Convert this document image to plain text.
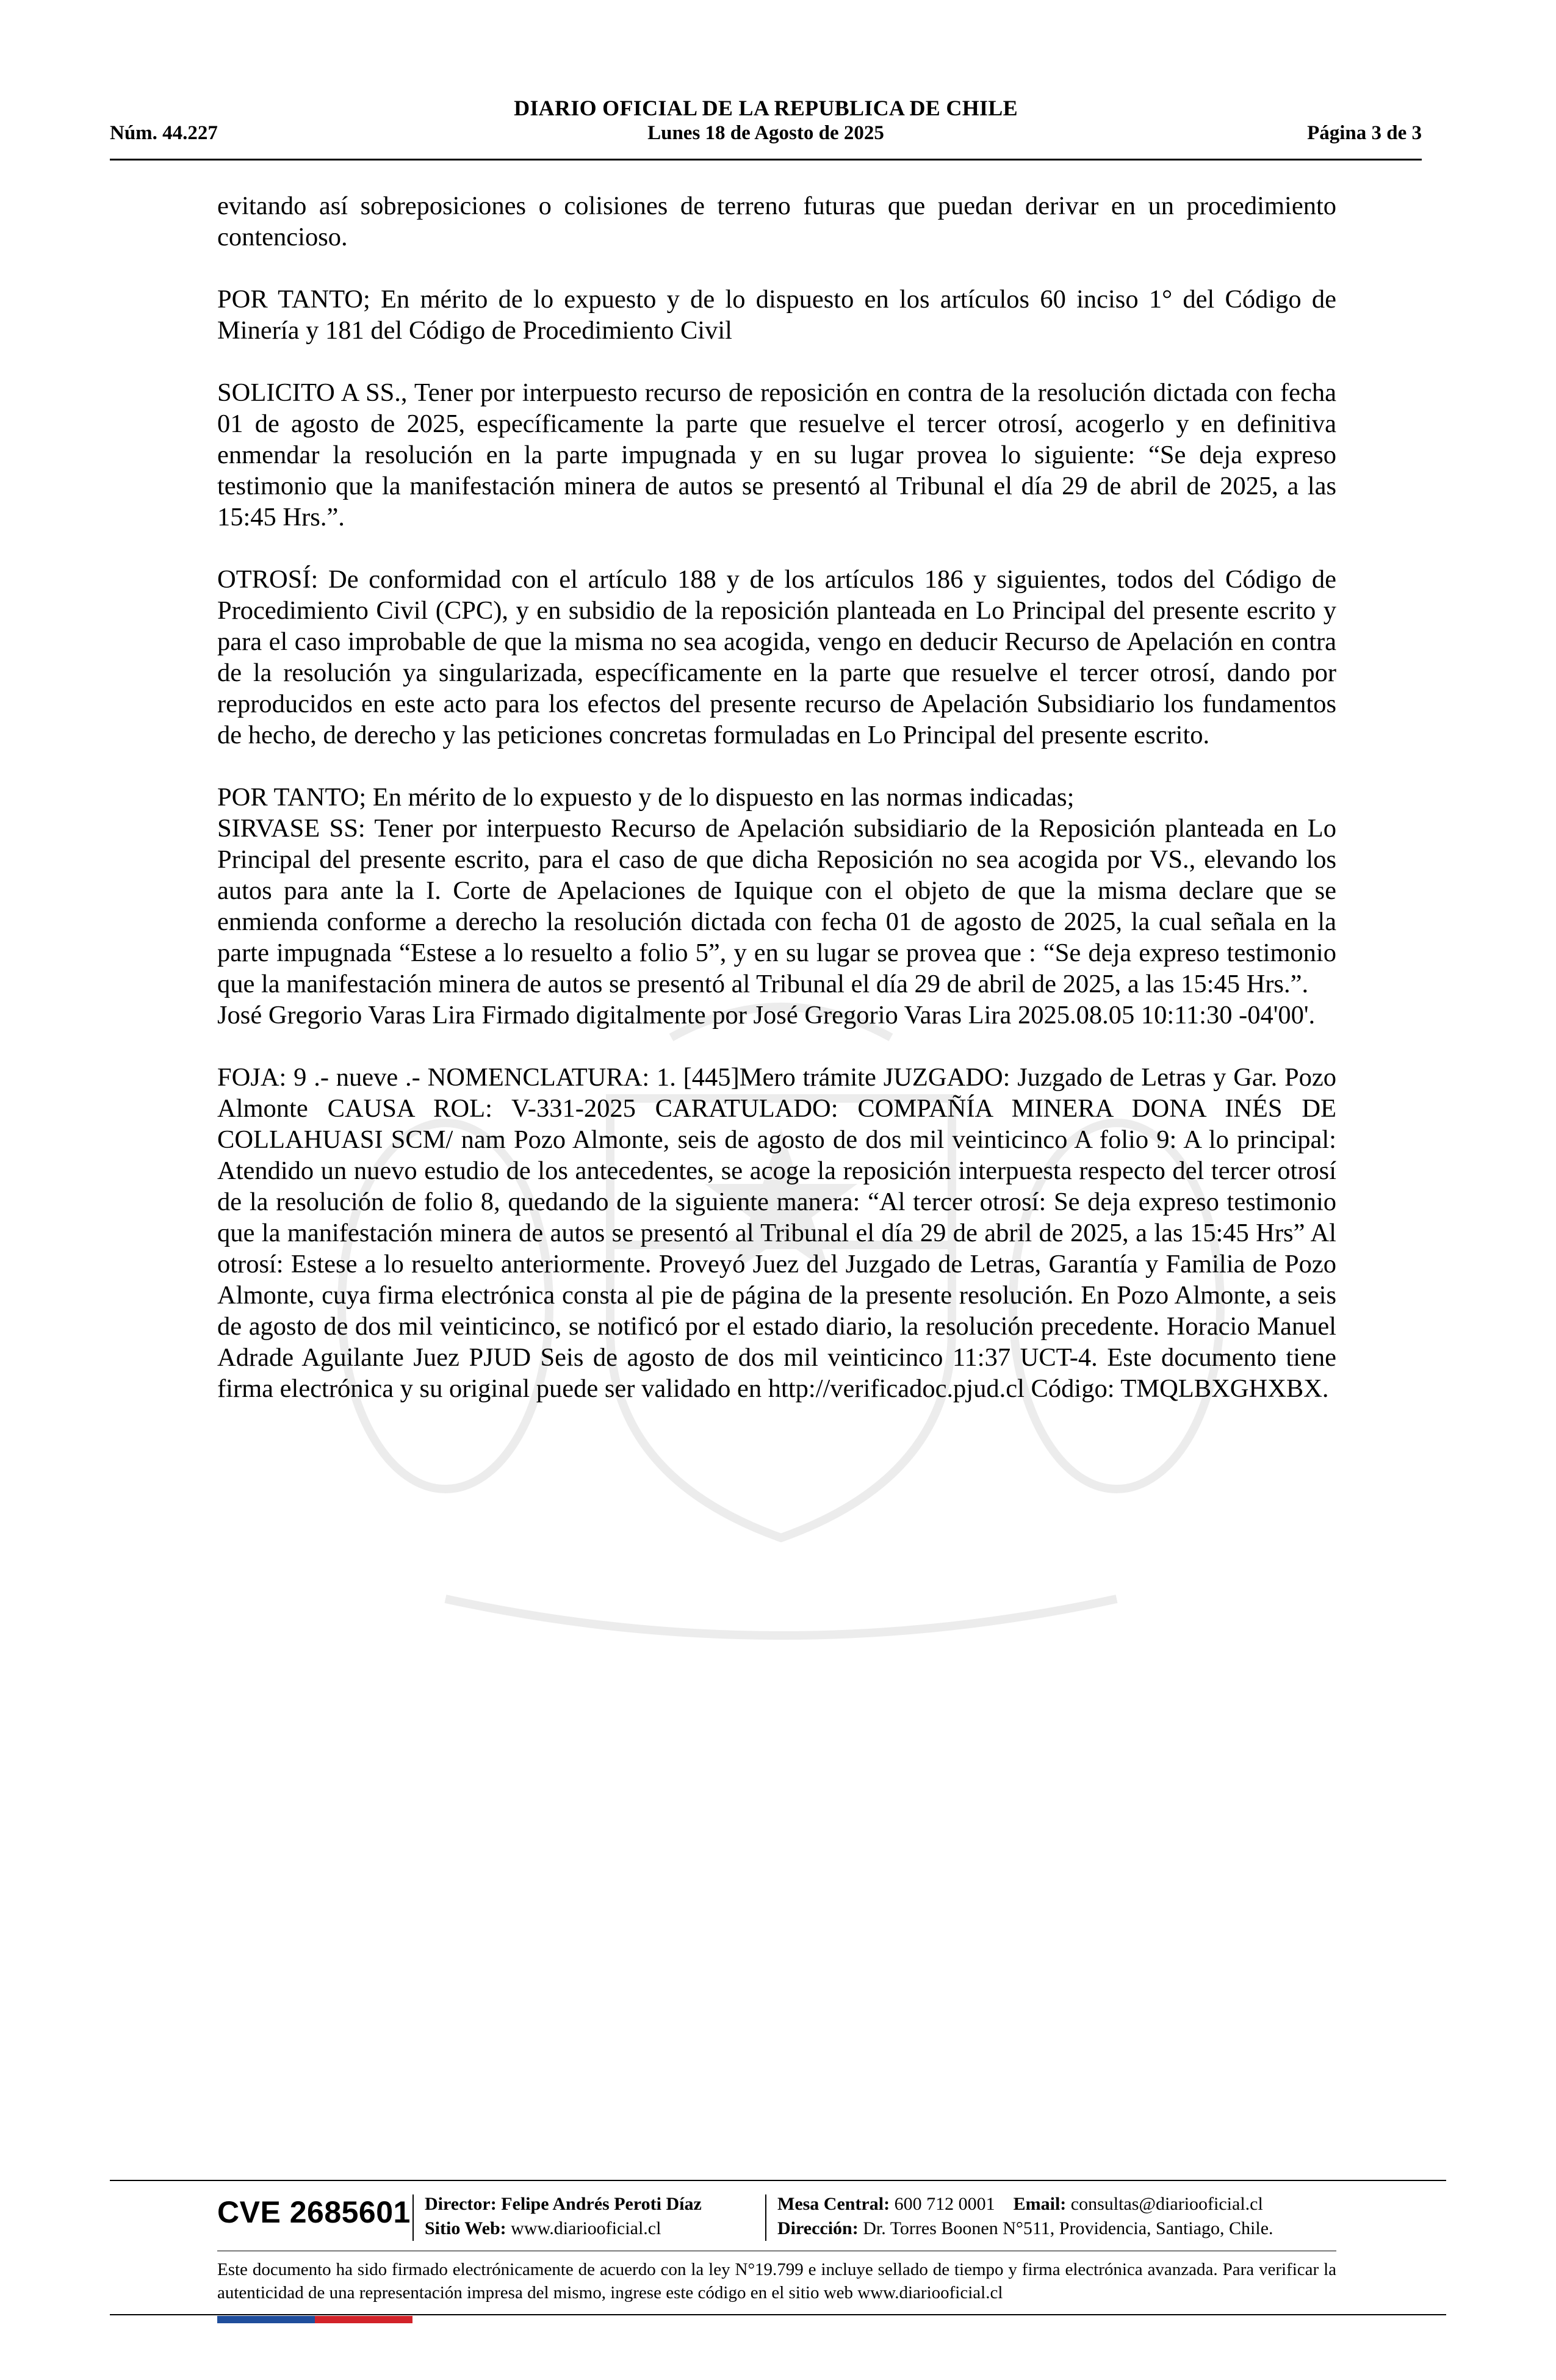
DIARIO OFICIAL DE LA REPUBLICA DE CHILE
Núm. 44.227	Lunes 18 de Agosto de 2025	Página 3 de 3

evitando así sobreposiciones o colisiones de terreno futuras que puedan derivar en un procedimiento contencioso.

POR TANTO; En mérito de lo expuesto y de lo dispuesto en los artículos 60 inciso 1° del Código de Minería y 181 del Código de Procedimiento Civil

SOLICITO A SS., Tener por interpuesto recurso de reposición en contra de la resolución dictada con fecha 01 de agosto de 2025, específicamente la parte que resuelve el tercer otrosí, acogerlo y en definitiva enmendar la resolución en la parte impugnada y en su lugar provea lo siguiente: “Se deja expreso testimonio que la manifestación minera de autos se presentó al Tribunal el día 29 de abril de 2025, a las 15:45 Hrs.”.

OTROSÍ: De conformidad con el artículo 188 y de los artículos 186 y siguientes, todos del Código de Procedimiento Civil (CPC), y en subsidio de la reposición planteada en Lo Principal del presente escrito y para el caso improbable de que la misma no sea acogida, vengo en deducir Recurso de Apelación en contra de la resolución ya singularizada, específicamente en la parte que resuelve el tercer otrosí, dando por reproducidos en este acto para los efectos del presente recurso de Apelación Subsidiario los fundamentos de hecho, de derecho y las peticiones concretas formuladas en Lo Principal del presente escrito.

POR TANTO; En mérito de lo expuesto y de lo dispuesto en las normas indicadas;

SIRVASE SS: Tener por interpuesto Recurso de Apelación subsidiario de la Reposición planteada en Lo Principal del presente escrito, para el caso de que dicha Reposición no sea acogida por VS., elevando los autos para ante la I. Corte de Apelaciones de Iquique con el objeto de que la misma declare que se enmienda conforme a derecho la resolución dictada con fecha 01 de agosto de 2025, la cual señala en la parte impugnada “Estese a lo resuelto a folio 5”, y en su lugar se provea que : “Se deja expreso testimonio que la manifestación minera de autos se presentó al Tribunal el día 29 de abril de 2025, a las 15:45 Hrs.”.

José Gregorio Varas Lira Firmado digitalmente por José Gregorio Varas Lira 2025.08.05 10:11:30 -04'00'.

FOJA: 9 .- nueve .- NOMENCLATURA: 1. [445]Mero trámite JUZGADO: Juzgado de Letras y Gar. Pozo Almonte CAUSA ROL: V-331-2025 CARATULADO: COMPAÑÍA MINERA DONA INÉS DE COLLAHUASI SCM/ nam Pozo Almonte, seis de agosto de dos mil veinticinco A folio 9: A lo principal: Atendido un nuevo estudio de los antecedentes, se acoge la reposición interpuesta respecto del tercer otrosí de la resolución de folio 8, quedando de la siguiente manera: “Al tercer otrosí: Se deja expreso testimonio que la manifestación minera de autos se presentó al Tribunal el día 29 de abril de 2025, a las 15:45 Hrs” Al otrosí: Estese a lo resuelto anteriormente. Proveyó Juez del Juzgado de Letras, Garantía y Familia de Pozo Almonte, cuya firma electrónica consta al pie de página de la presente resolución. En Pozo Almonte, a seis de agosto de dos mil veinticinco, se notificó por el estado diario, la resolución precedente. Horacio Manuel Adrade Aguilante Juez PJUD Seis de agosto de dos mil veinticinco 11:37 UCT-4. Este documento tiene firma electrónica y su original puede ser validado en http://verificadoc.pjud.cl Código: TMQLBXGHXBX.

CVE 2685601 Director: Felipe Andrés Peroti Díaz
Sitio Web: www.diariooficial.cl
Mesa Central: 600 712 0001 Email: consultas@diariooficial.cl
Dirección: Dr. Torres Boonen N°511, Providencia, Santiago, Chile.
Este documento ha sido firmado electrónicamente de acuerdo con la ley N°19.799 e incluye sellado de tiempo y firma electrónica avanzada. Para verificar la autenticidad de una representación impresa del mismo, ingrese este código en el sitio web www.diariooficial.cl
